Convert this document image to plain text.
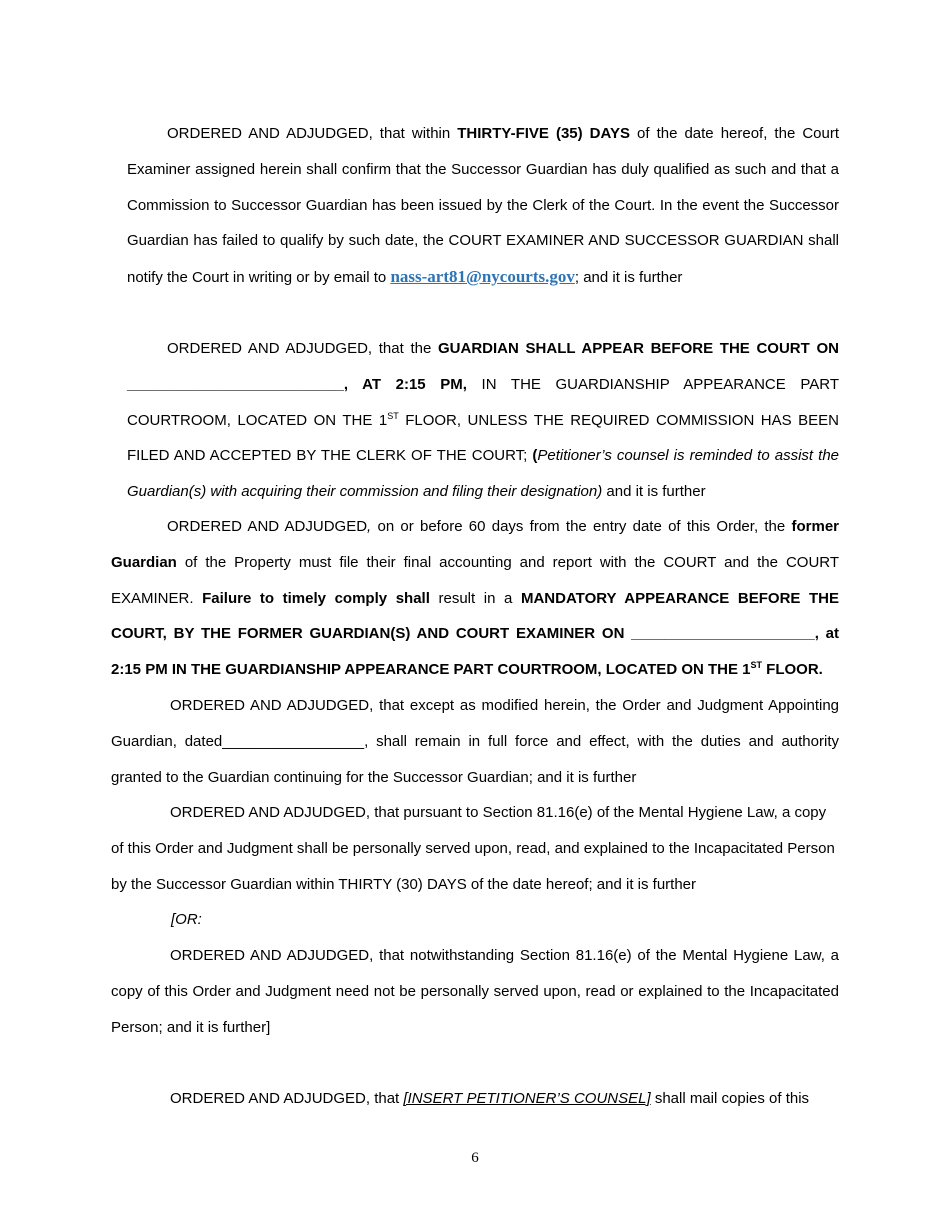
ORDERED AND ADJUDGED, that within THIRTY-FIVE (35) DAYS of the date hereof, the Court Examiner assigned herein shall confirm that the Successor Guardian has duly qualified as such and that a Commission to Successor Guardian has been issued by the Clerk of the Court. In the event the Successor Guardian has failed to qualify by such date, the COURT EXAMINER AND SUCCESSOR GUARDIAN shall notify the Court in writing or by email to nass-art81@nycourts.gov; and it is further

ORDERED AND ADJUDGED, that the GUARDIAN SHALL APPEAR BEFORE THE COURT ON __________________________, AT 2:15 PM, IN THE GUARDIANSHIP APPEARANCE PART COURTROOM, LOCATED ON THE 1ST FLOOR, UNLESS THE REQUIRED COMMISSION HAS BEEN FILED AND ACCEPTED BY THE CLERK OF THE COURT; (Petitioner’s counsel is reminded to assist the Guardian(s) with acquiring their commission and filing their designation) and it is further

ORDERED AND ADJUDGED, on or before 60 days from the entry date of this Order, the former Guardian of the Property must file their final accounting and report with the COURT and the COURT EXAMINER. Failure to timely comply shall result in a MANDATORY APPEARANCE BEFORE THE COURT, BY THE FORMER GUARDIAN(S) AND COURT EXAMINER ON ______________________, at 2:15 PM IN THE GUARDIANSHIP APPEARANCE PART COURTROOM, LOCATED ON THE 1ST FLOOR.

ORDERED AND ADJUDGED, that except as modified herein, the Order and Judgment Appointing Guardian, dated_________________, shall remain in full force and effect, with the duties and authority granted to the Guardian continuing for the Successor Guardian; and it is further

ORDERED AND ADJUDGED, that pursuant to Section 81.16(e) of the Mental Hygiene Law, a copy of this Order and Judgment shall be personally served upon, read, and explained to the Incapacitated Person by the Successor Guardian within THIRTY (30) DAYS of the date hereof; and it is further

[OR:

ORDERED AND ADJUDGED, that notwithstanding Section 81.16(e) of the Mental Hygiene Law, a copy of this Order and Judgment need not be personally served upon, read or explained to the Incapacitated Person; and it is further]

ORDERED AND ADJUDGED, that [INSERT PETITIONER’S COUNSEL] shall mail copies of this

6
